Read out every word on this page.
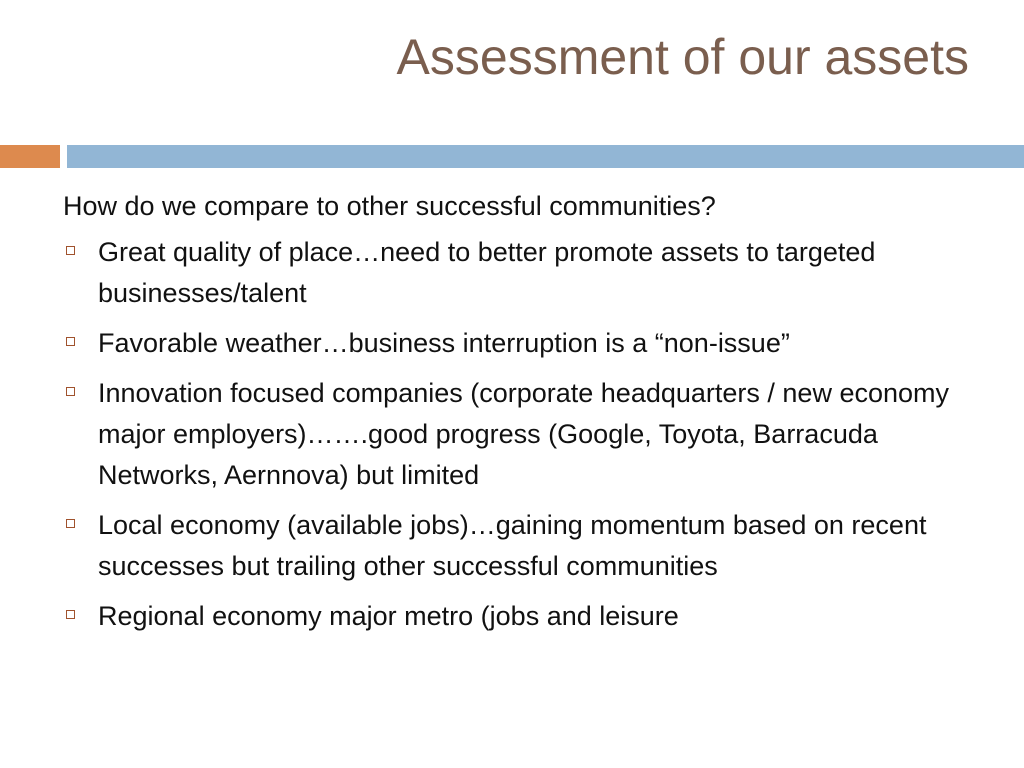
Assessment of our assets
How do we compare to other successful communities?
Great quality of place…need to better promote assets to targeted businesses/talent
Favorable weather…business interruption is a “non-issue”
Innovation focused companies (corporate headquarters / new economy major employers)…….good progress (Google, Toyota, Barracuda Networks, Aernnova) but limited
Local economy (available jobs)…gaining momentum based on recent successes but trailing other successful communities
Regional economy major metro (jobs and leisure
